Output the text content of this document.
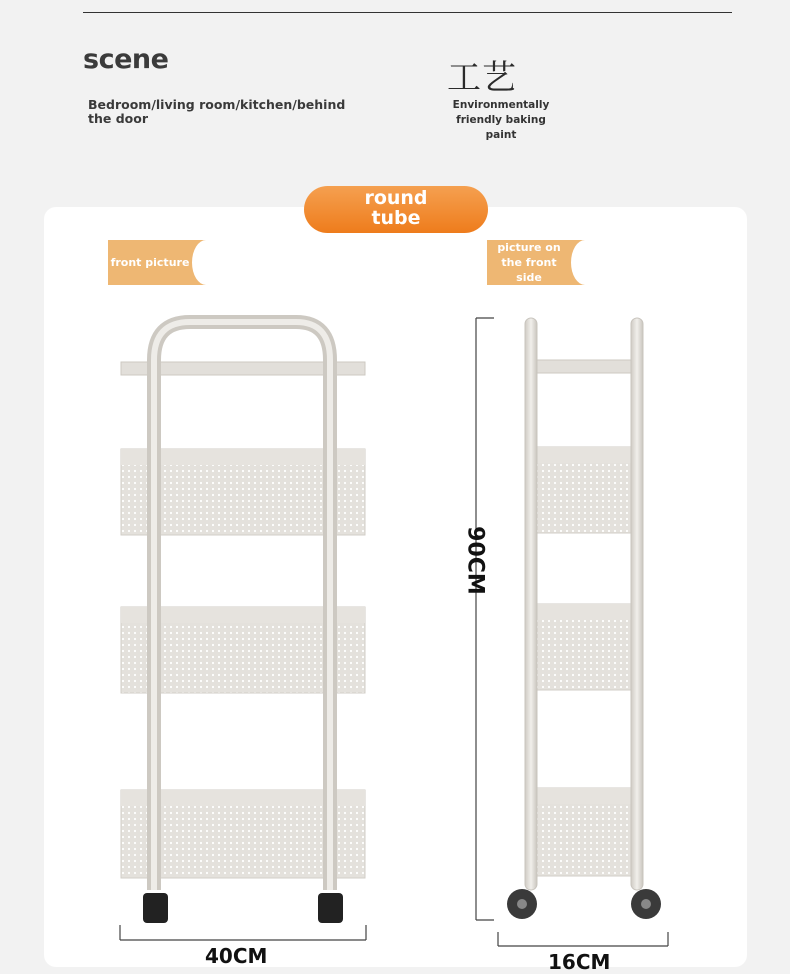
scene
Bedroom/living room/kitchen/behind the door
工艺
Environmentally friendly baking paint
round
tube
front picture
picture on the front side
90CM
40CM	16CM
